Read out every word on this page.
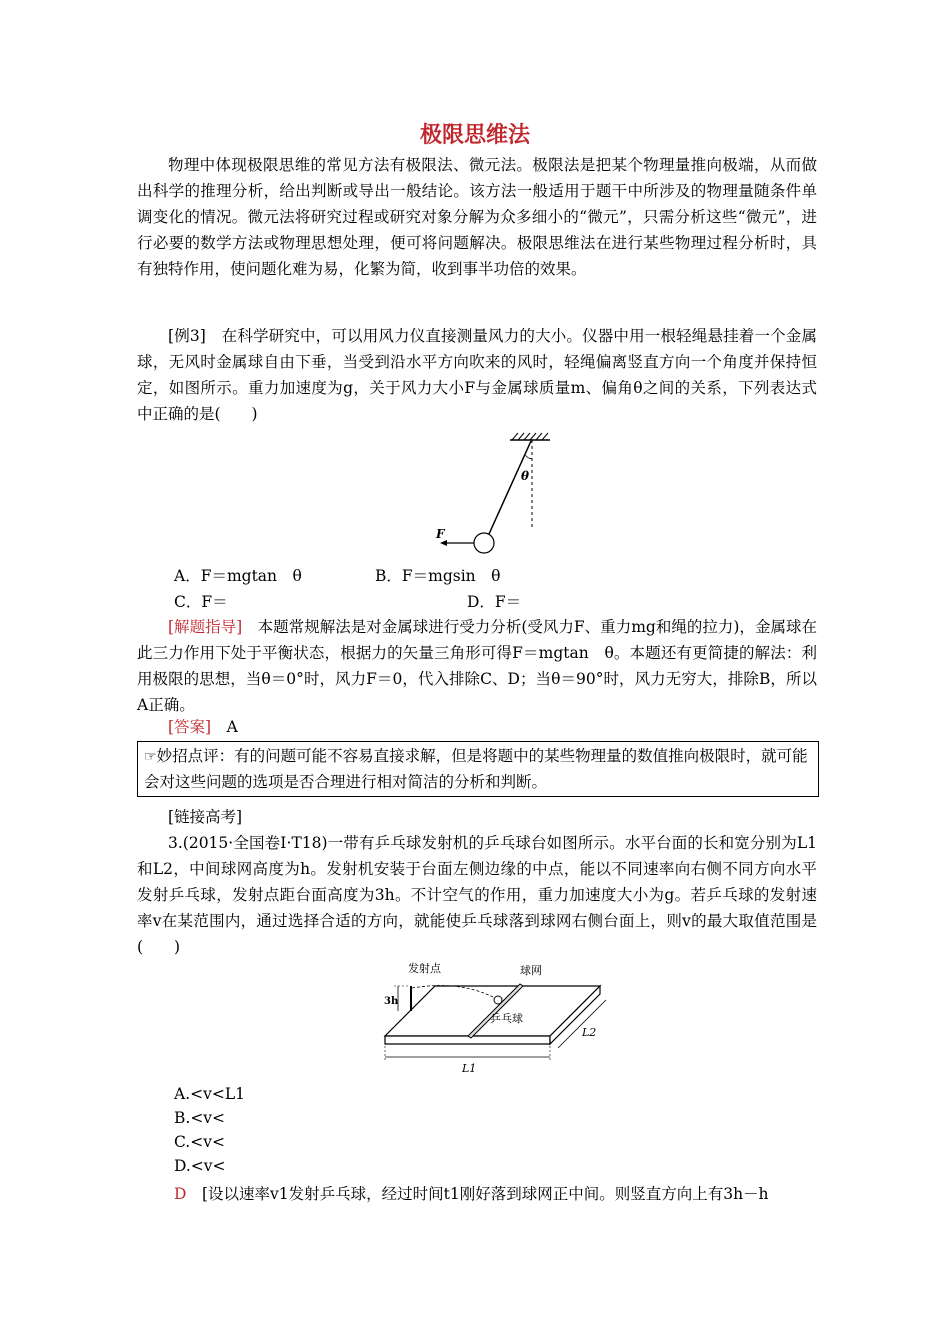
极限思维法
物理中体现极限思维的常见方法有极限法、微元法。极限法是把某个物理量推向极端，从而做出科学的推理分析，给出判断或导出一般结论。该方法一般适用于题干中所涉及的物理量随条件单调变化的情况。微元法将研究过程或研究对象分解为众多细小的“微元”，只需分析这些“微元”，进行必要的数学方法或物理思想处理，便可将问题解决。极限思维法在进行某些物理过程分析时，具有独特作用，使问题化难为易，化繁为简，收到事半功倍的效果。
[例3]　 在科学研究中，可以用风力仪直接测量风力的大小。仪器中用一根轻绳悬挂着一个金属球，无风时金属球自由下垂，当受到沿水平方向吹来的风时，轻绳偏离竖直方向一个角度并保持恒定，如图所示。重力加速度为g，关于风力大小F与金属球质量m、偏角θ之间的关系，下列表达式中正确的是(　　)
θ
F
A．F＝mgtan　θ	B．F＝mgsin　θ
C．F＝	D．F＝
[解题指导]　 本题常规解法是对金属球进行受力分析(受风力F、重力mg和绳的拉力)，金属球在此三力作用下处于平衡状态，根据力的矢量三角形可得F＝mgtan　θ。本题还有更简捷的解法：利用极限的思想，当θ＝0°时，风力F＝0，代入排除C、D；当θ＝90°时，风力无穷大，排除B，所以A正确。
[答案]　 A
☞妙招点评：有的问题可能不容易直接求解，但是将题中的某些物理量的数值推向极限时，就可能会对这些问题的选项是否合理进行相对简洁的分析和判断。
[链接高考]
3.(2015·全国卷Ⅰ·T18)一带有乒乓球发射机的乒乓球台如图所示。水平台面的长和宽分别为L1和L2，中间球网高度为h。发射机安装于台面左侧边缘的中点，能以不同速率向右侧不同方向水平发射乒乓球，发射点距台面高度为3h。不计空气的作用，重力加速度大小为g。若乒乓球的发射速率v在某范围内，通过选择合适的方向，就能使乒乓球落到球网右侧台面上，则v的最大取值范围是(　　)
发射点	球网
乒乓球
3h
L1
L2
A.<v<L1
B.<v<
C.<v<
D.<v<
D　 [设以速率v1发射乒乓球，经过时间t1刚好落到球网正中间。则竖直方向上有3h－h
